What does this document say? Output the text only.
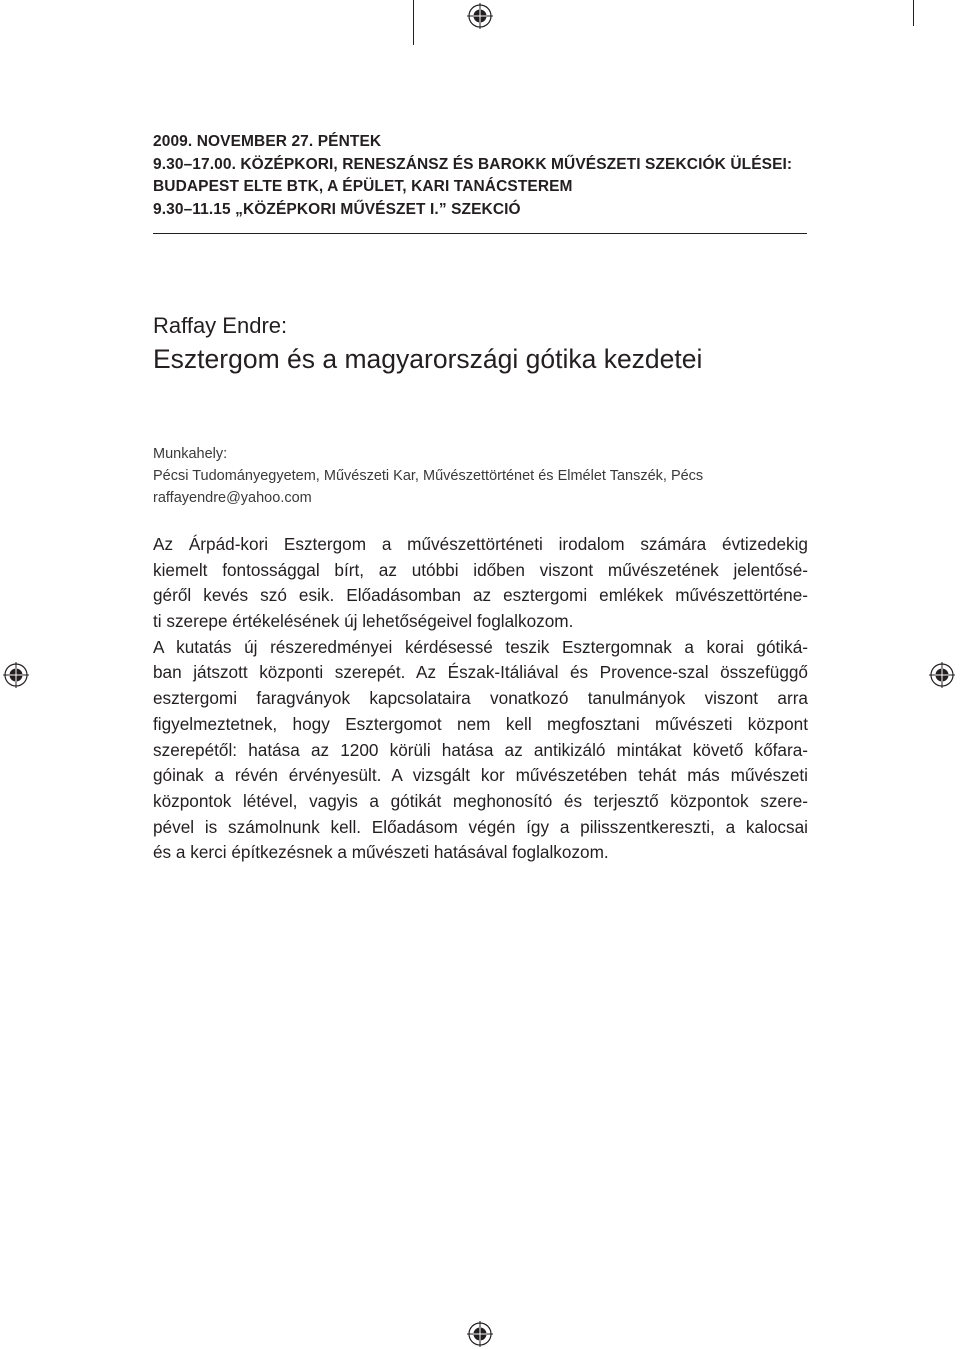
2009. NOVEMBER 27. PÉNTEK
9.30–17.00. KÖZÉPKORI, RENESZÁNSZ ÉS BAROKK MŰVÉSZETI SZEKCIÓK ÜLÉSEI:
BUDAPEST ELTE BTK, A ÉPÜLET, KARI TANÁCSTEREM
9.30–11.15 „KÖZÉPKORI MŰVÉSZET I.” SZEKCIÓ
Raffay Endre:
Esztergom és a magyarországi gótika kezdetei
Munkahely:
Pécsi Tudományegyetem, Művészeti Kar, Művészettörténet és Elmélet Tanszék, Pécs
raffayendre@yahoo.com
Az Árpád-kori Esztergom a művészettörténeti irodalom számára évtizedekig
kiemelt fontossággal bírt, az utóbbi időben viszont művészetének jelentősé-
géről kevés szó esik. Előadásomban az esztergomi emlékek művészettörténe-
ti szerepe értékelésének új lehetőségeivel foglalkozom.
A kutatás új részeredményei kérdésessé teszik Esztergomnak a korai gótiká-
ban játszott központi szerepét. Az Észak-Itáliával és Provence-szal összefüggő
esztergomi faragványok kapcsolataira vonatkozó tanulmányok viszont arra
figyelmeztetnek, hogy Esztergomot nem kell megfosztani művészeti központ
szerepétől: hatása az 1200 körüli hatása az antikizáló mintákat követő kőfara-
góinak a révén érvényesült. A vizsgált kor művészetében tehát más művészeti
központok létével, vagyis a gótikát meghonosító és terjesztő központok szere-
pével is számolnunk kell. Előadásom végén így a pilisszentkereszti, a kalocsai
és a kerci építkezésnek a művészeti hatásával foglalkozom.
